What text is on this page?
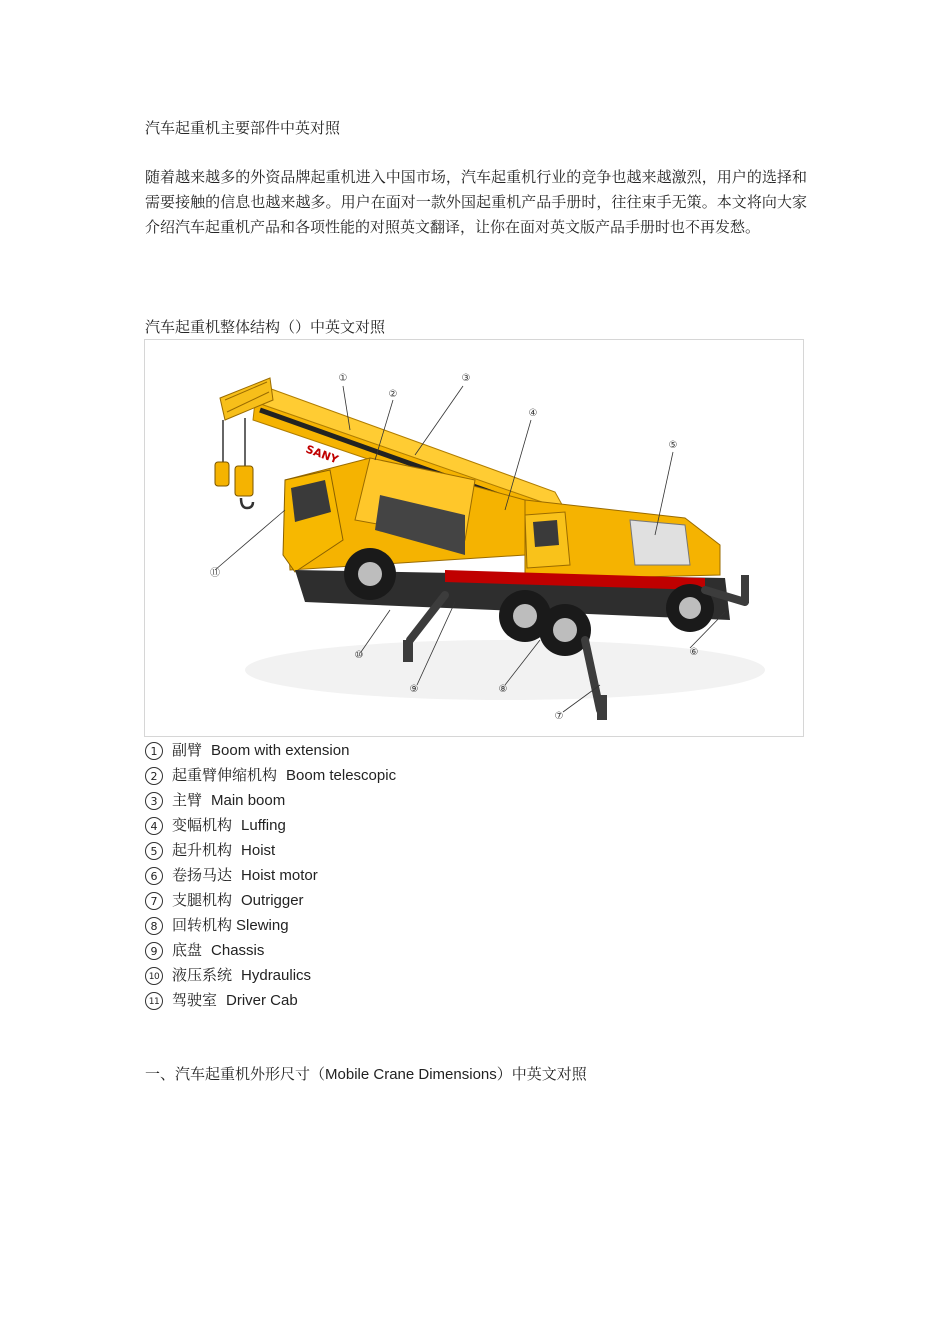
汽车起重机主要部件中英对照
随着越来越多的外资品牌起重机进入中国市场，汽车起重机行业的竞争也越来越激烈，用户的选择和需要接触的信息也越来越多。用户在面对一款外国起重机产品手册时，往往束手无策。本文将向大家介绍汽车起重机产品和各项性能的对照英文翻译，让你在面对英文版产品手册时也不再发愁。
汽车起重机整体结构（）中英文对照
SANY
①
②
③
④
⑤
⑥
⑦
⑧
⑨
⑩
⑪
1 副臂 Boom with extension
2 起重臂伸缩机构 Boom telescopic
3 主臂 Main boom
4 变幅机构 Luffing
5 起升机构 Hoist
6 卷扬马达 Hoist motor
7 支腿机构 Outrigger
8 回转机构 Slewing
9 底盘 Chassis
10 液压系统 Hydraulics
11 驾驶室 Driver Cab
一、汽车起重机外形尺寸（Mobile Crane Dimensions）中英文对照
